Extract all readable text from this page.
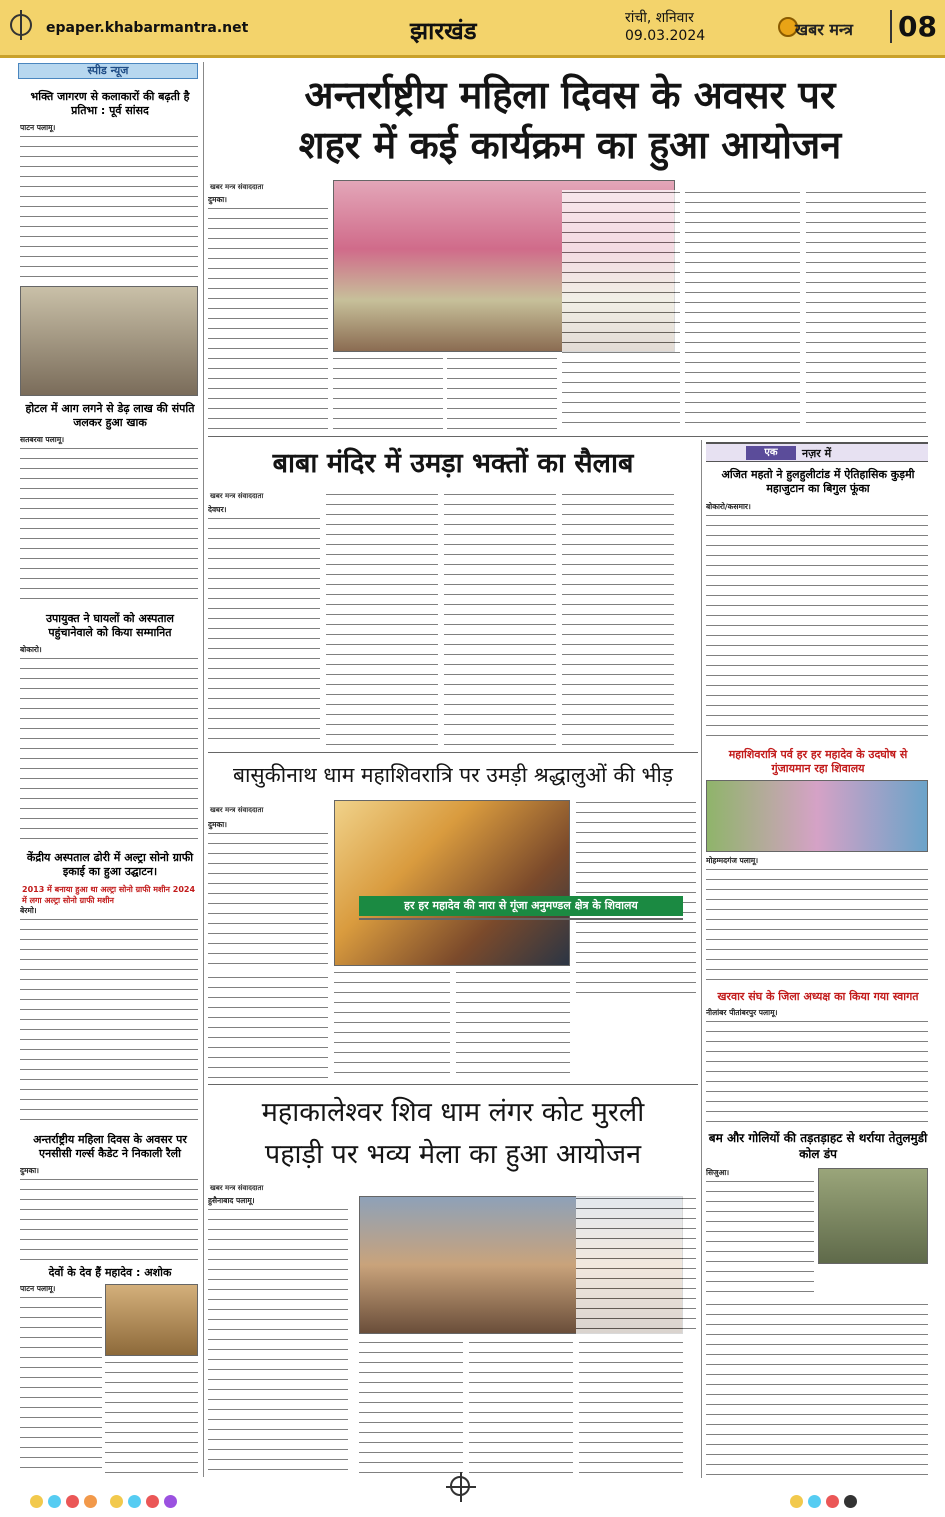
epaper.khabarmantra.net	झारखंड	रांची, शनिवार
09.03.2024	खबर मन्त्र 08
स्पीड न्यूज
भक्ति जागरण से कलाकारों की बढ़ती है प्रतिभा : पूर्व सांसद
पाटन पलामू।
होटल में आग लगने से डेढ़ लाख की संपति जलकर हुआ खाक
सतबरवा पलामू।
उपायुक्त ने घायलों को अस्पताल पहुंचानेवाले को किया सम्मानित
बोकारो।
केंद्रीय अस्पताल ढोरी में अल्ट्रा सोनो ग्राफी इकाई का हुआ उद्घाटन।
2013 में बनाया हुआ था अल्ट्रा सोनो ग्राफी मशीन 2024 में लगा अल्ट्रा सोनो ग्राफी मशीन
बेरमो।
अन्तर्राष्ट्रीय महिला दिवस के अवसर पर एनसीसी गर्ल्स कैडेट ने निकाली रैली
दुमका।
देवों के देव हैं महादेव : अशोक
पाटन पलामू।
अन्तर्राष्ट्रीय महिला दिवस के अवसर पर
शहर में कई कार्यक्रम का हुआ आयोजन
खबर मन्त्र संवाददाता
दुमका।
बाबा मंदिर में उमड़ा भक्तों का सैलाब
खबर मन्त्र संवाददाता
देवघर।
बासुकीनाथ धाम महाशिवरात्रि पर उमड़ी श्रद्धालुओं की भीड़
खबर मन्त्र संवाददाता
दुमका।
महाकालेश्वर शिव धाम लंगर कोट मुरली
पहाड़ी पर भव्य मेला का हुआ आयोजन
खबर मन्त्र संवाददाता
हुसैनाबाद पलामू।
हर हर महादेव की नारा से गूंजा अनुमण्डल क्षेत्र के शिवालय
एक	नज़र में
अजित महतो ने हुलहुलीटांड में ऐतिहासिक कुड़मी महाजुटान का बिगुल फूंका
बोकारो/कसमार।
महाशिवरात्रि पर्व हर हर महादेव के उदघोष से गुंजायमान रहा शिवालय
मोहम्मदगंज पलामू।
खरवार संघ के जिला अध्यक्ष का किया गया स्वागत
नीलांबर पीतांबरपुर पलामू।
बम और गोलियों की तड़तड़ाहट से थर्राया तेतुलमुडी कोल डंप
सिजुआ।
